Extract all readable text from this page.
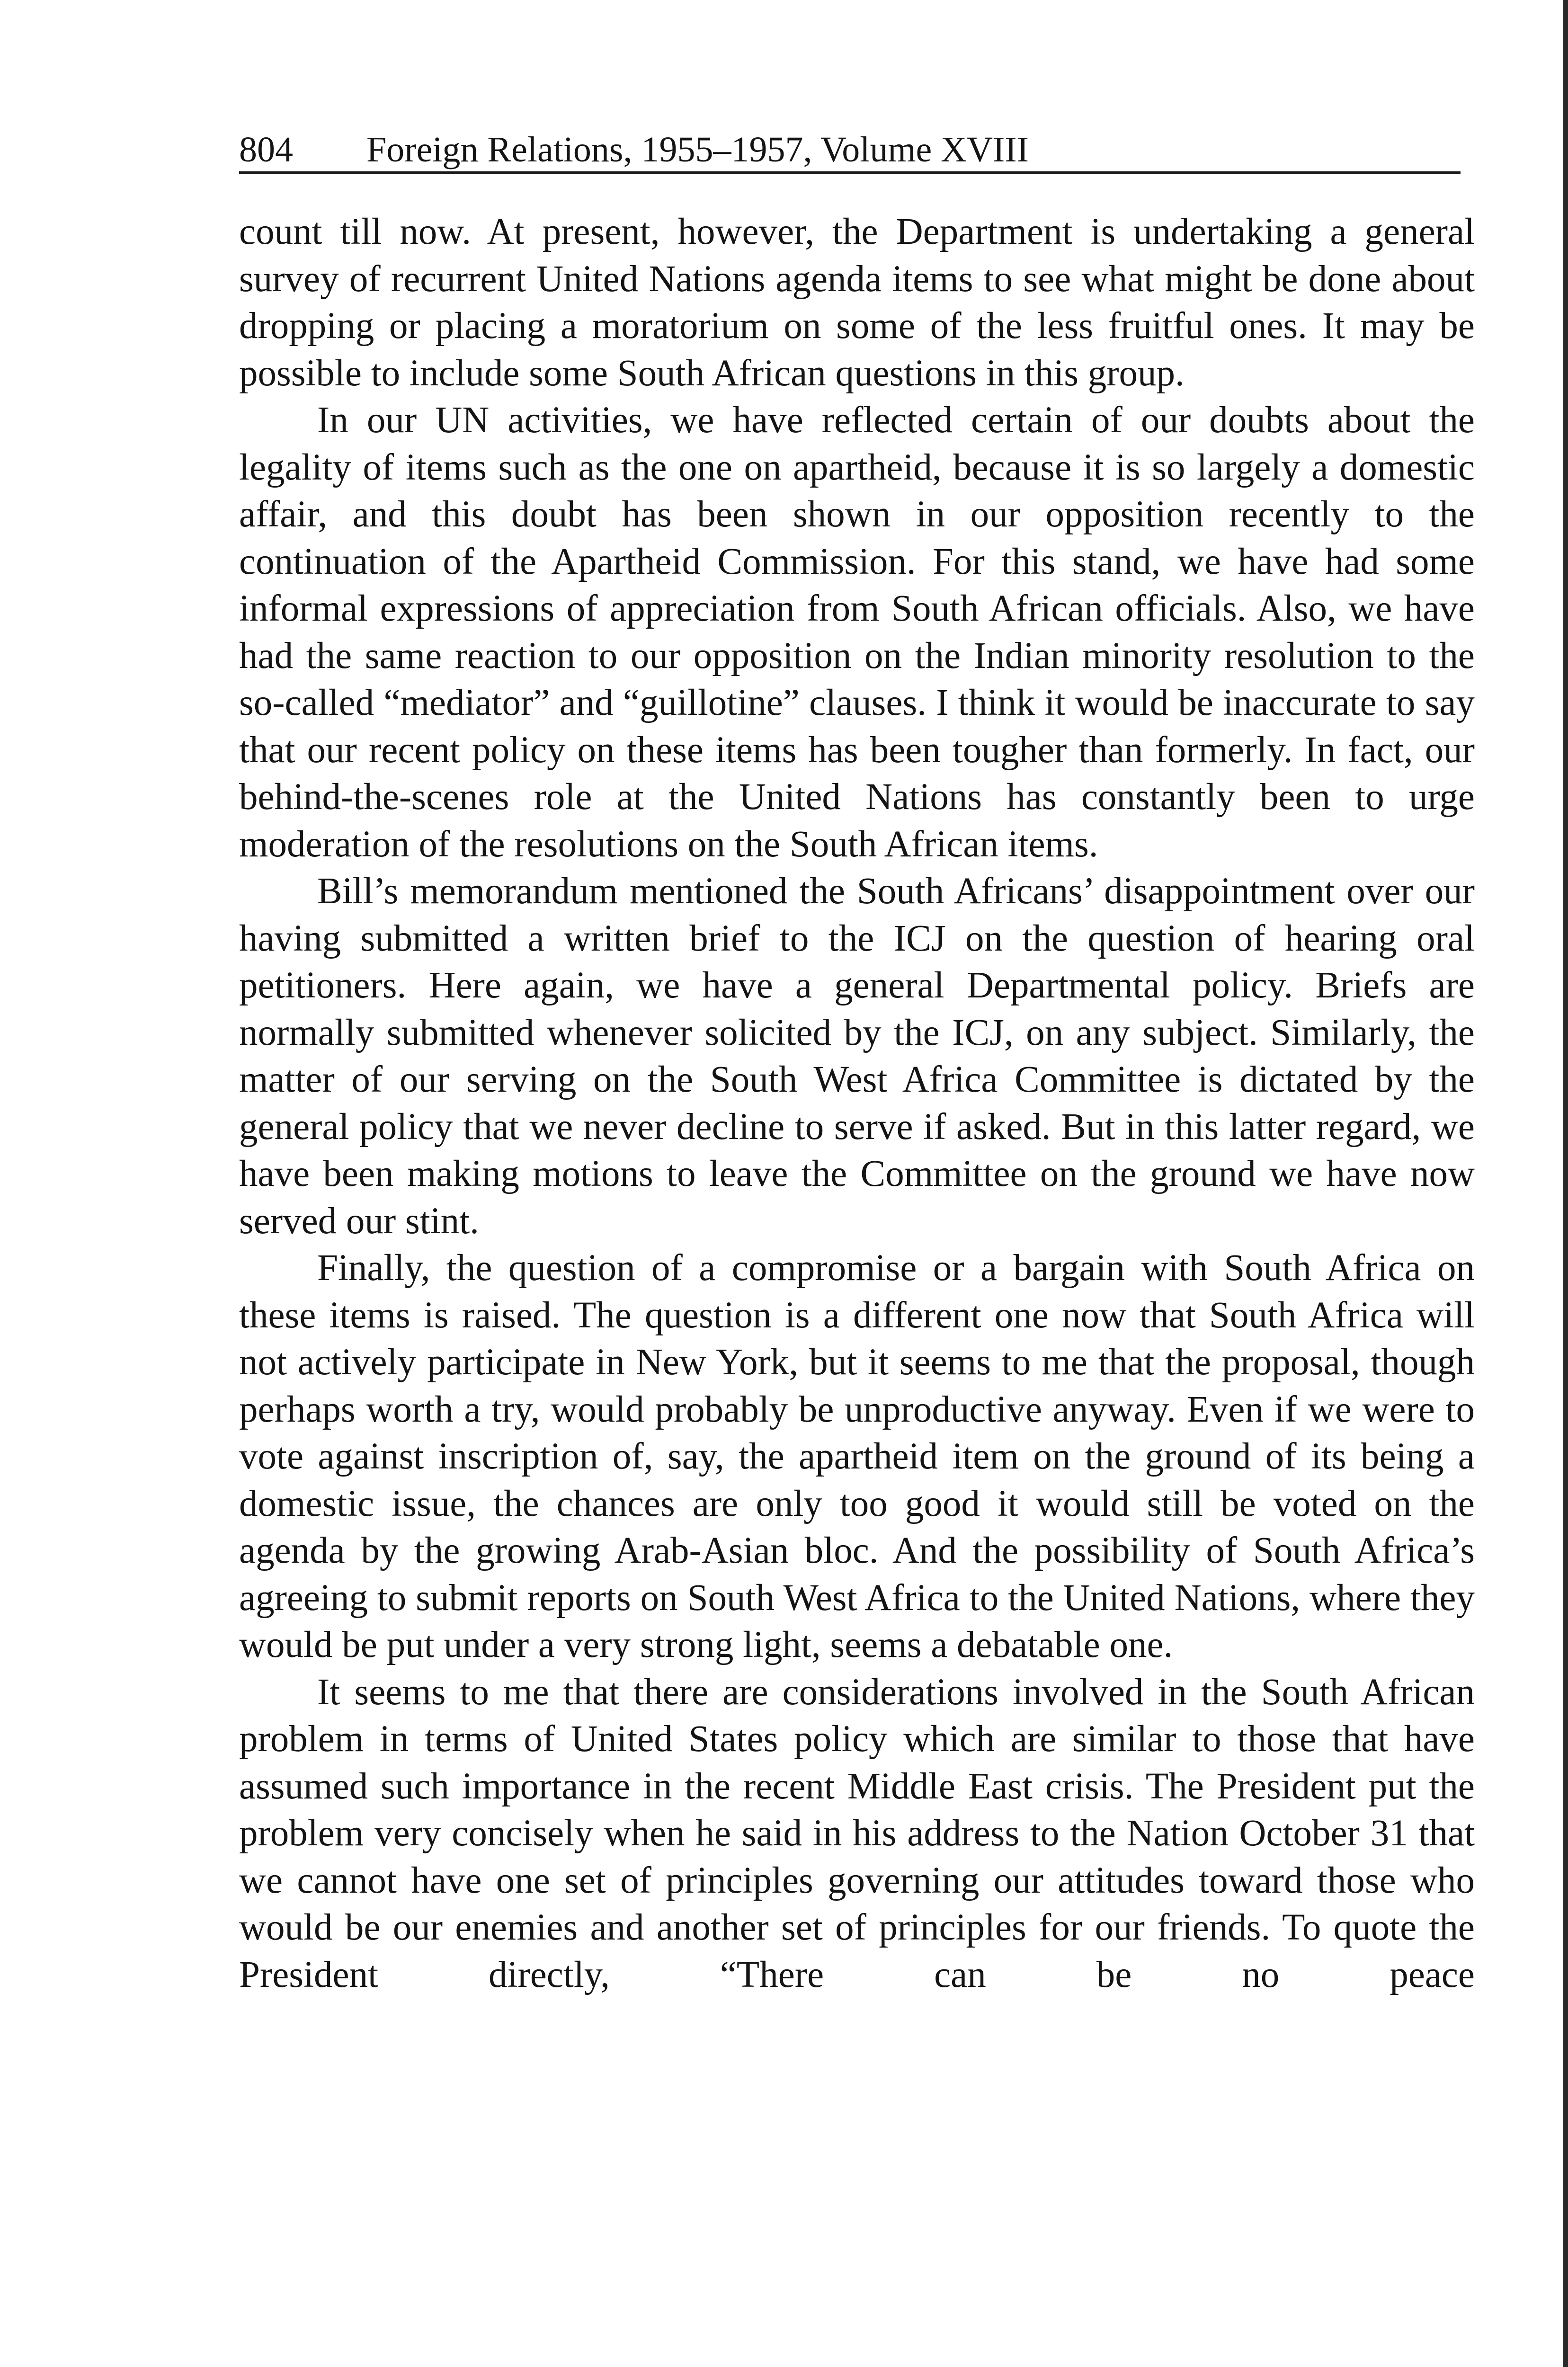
804 Foreign Relations, 1955–1957, Volume XVIII

count till now. At present, however, the Department is undertaking a general survey of recurrent United Nations agenda items to see what might be done about dropping or placing a moratorium on some of the less fruitful ones. It may be possible to include some South African questions in this group.

In our UN activities, we have reflected certain of our doubts about the legality of items such as the one on apartheid, because it is so largely a domestic affair, and this doubt has been shown in our opposition recently to the continuation of the Apartheid Commission. For this stand, we have had some informal expressions of appreciation from South African officials. Also, we have had the same reaction to our opposition on the Indian minority resolution to the so-called “mediator” and “guillotine” clauses. I think it would be inaccurate to say that our recent policy on these items has been tougher than formerly. In fact, our behind-the-scenes role at the United Nations has constantly been to urge moderation of the resolutions on the South African items.

Bill’s memorandum mentioned the South Africans’ disappointment over our having submitted a written brief to the ICJ on the question of hearing oral petitioners. Here again, we have a general Departmental policy. Briefs are normally submitted whenever solicited by the ICJ, on any subject. Similarly, the matter of our serving on the South West Africa Committee is dictated by the general policy that we never decline to serve if asked. But in this latter regard, we have been making motions to leave the Committee on the ground we have now served our stint.

Finally, the question of a compromise or a bargain with South Africa on these items is raised. The question is a different one now that South Africa will not actively participate in New York, but it seems to me that the proposal, though perhaps worth a try, would probably be unproductive anyway. Even if we were to vote against inscription of, say, the apartheid item on the ground of its being a domestic issue, the chances are only too good it would still be voted on the agenda by the growing Arab-Asian bloc. And the possibility of South Africa’s agreeing to submit reports on South West Africa to the United Nations, where they would be put under a very strong light, seems a debatable one.

It seems to me that there are considerations involved in the South African problem in terms of United States policy which are similar to those that have assumed such importance in the recent Middle East crisis. The President put the problem very concisely when he said in his address to the Nation October 31 that we cannot have one set of principles governing our attitudes toward those who would be our enemies and another set of principles for our friends. To quote the President directly, “There can be no peace
